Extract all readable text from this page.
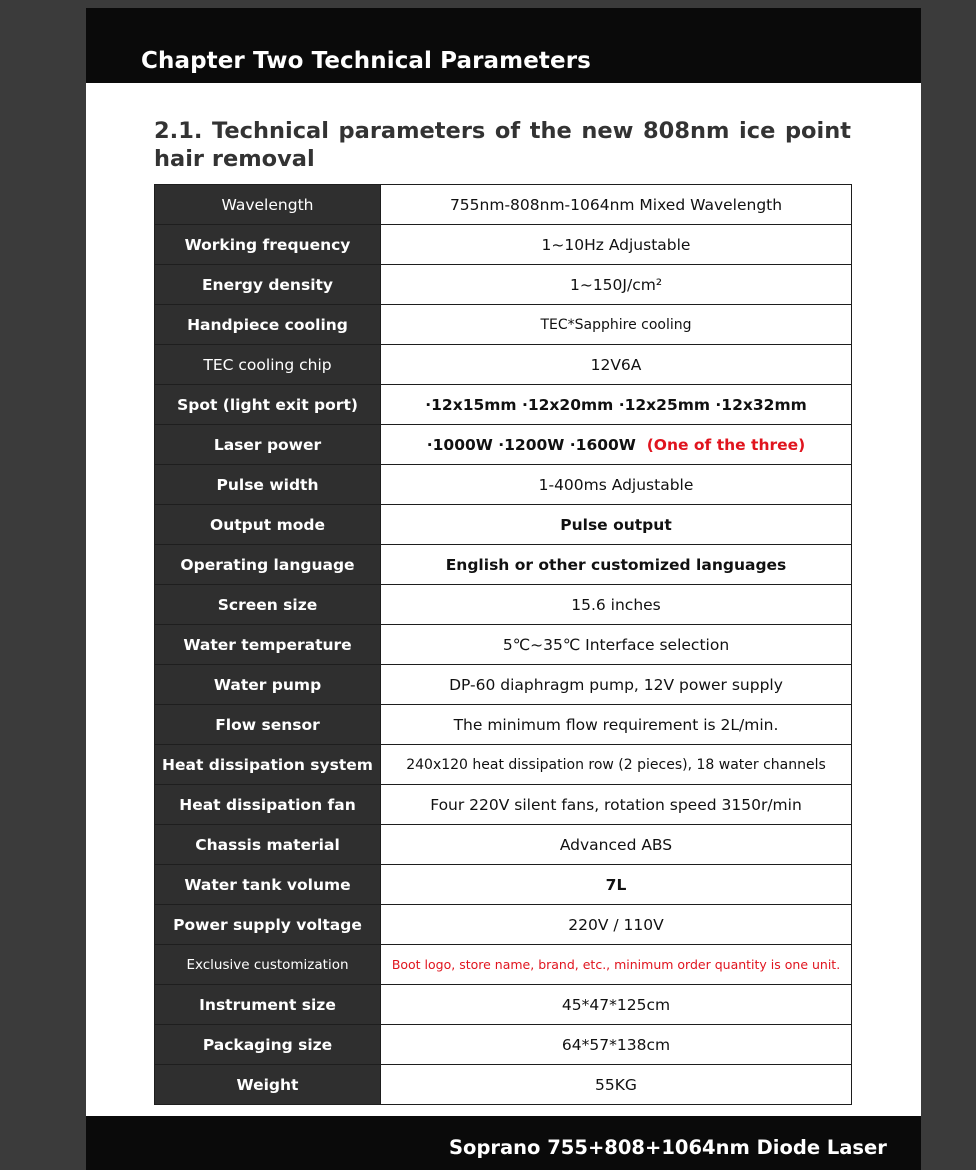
Chapter Two Technical Parameters
2.1. Technical parameters of the new 808nm ice point hair removal
Wavelength	755nm-808nm-1064nm Mixed Wavelength
Working frequency	1~10Hz Adjustable
Energy density	1~150J/cm²
Handpiece cooling	TEC*Sapphire cooling
TEC cooling chip	12V6A
Spot (light exit port)	·12x15mm ·12x20mm ·12x25mm ·12x32mm
Laser power	·1000W ·1200W ·1600W (One of the three)
Pulse width	1-400ms Adjustable
Output mode	Pulse output
Operating language	English or other customized languages
Screen size	15.6 inches
Water temperature	5℃~35℃ Interface selection
Water pump	DP-60 diaphragm pump, 12V power supply
Flow sensor	The minimum flow requirement is 2L/min.
Heat dissipation system	240x120 heat dissipation row (2 pieces), 18 water channels
Heat dissipation fan	Four 220V silent fans, rotation speed 3150r/min
Chassis material	Advanced ABS
Water tank volume	7L
Power supply voltage	220V / 110V
Exclusive customization	Boot logo, store name, brand, etc., minimum order quantity is one unit.
Instrument size	45*47*125cm
Packaging size	64*57*138cm
Weight	55KG
Soprano 755+808+1064nm Diode Laser
